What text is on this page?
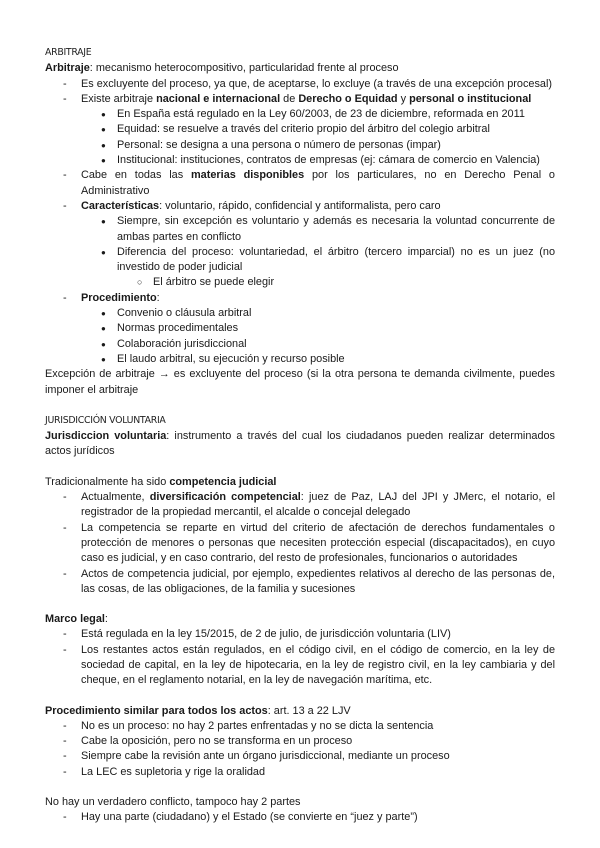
ARBITRAJE

Arbitraje: mecanismo heterocompositivo, particularidad frente al proceso

- Es excluyente del proceso, ya que, de aceptarse, lo excluye (a través de una excepción procesal)
- Existe arbitraje nacional e internacional de Derecho o Equidad y personal o institucional
● En España está regulado en la Ley 60/2003, de 23 de diciembre, reformada en 2011
● Equidad: se resuelve a través del criterio propio del árbitro del colegio arbitral
● Personal: se designa a una persona o número de personas (impar)
● Institucional: instituciones, contratos de empresas (ej: cámara de comercio en Valencia)
- Cabe en todas las materias disponibles por los particulares, no en Derecho Penal o Administrativo
- Características: voluntario, rápido, confidencial y antiformalista, pero caro
● Siempre, sin excepción es voluntario y además es necesaria la voluntad concurrente de ambas partes en conflicto
● Diferencia del proceso: voluntariedad, el árbitro (tercero imparcial) no es un juez (no investido de poder judicial
○ El árbitro se puede elegir
- Procedimiento:
● Convenio o cláusula arbitral
● Normas procedimentales
● Colaboración jurisdiccional
● El laudo arbitral, su ejecución y recurso posible

Excepción de arbitraje → es excluyente del proceso (si la otra persona te demanda civilmente, puedes imponer el arbitraje

JURISDICCIÓN VOLUNTARIA

Jurisdiccion voluntaria: instrumento a través del cual los ciudadanos pueden realizar determinados actos jurídicos

Tradicionalmente ha sido competencia judicial

- Actualmente, diversificación competencial: juez de Paz, LAJ del JPI y JMerc, el notario, el registrador de la propiedad mercantil, el alcalde o concejal delegado
- La competencia se reparte en virtud del criterio de afectación de derechos fundamentales o protección de menores o personas que necesiten protección especial (discapacitados), en cuyo caso es judicial, y en caso contrario, del resto de profesionales, funcionarios o autoridades
- Actos de competencia judicial, por ejemplo, expedientes relativos al derecho de las personas de, las cosas, de las obligaciones, de la familia y sucesiones

Marco legal:

- Está regulada en la ley 15/2015, de 2 de julio, de jurisdicción voluntaria (LIV)
- Los restantes actos están regulados, en el código civil, en el código de comercio, en la ley de sociedad de capital, en la ley de hipotecaria, en la ley de registro civil, en la ley cambiaria y del cheque, en el reglamento notarial, en la ley de navegación marítima, etc.

Procedimiento similar para todos los actos: art. 13 a 22 LJV

- No es un proceso: no hay 2 partes enfrentadas y no se dicta la sentencia
- Cabe la oposición, pero no se transforma en un proceso
- Siempre cabe la revisión ante un órgano jurisdiccional, mediante un proceso
- La LEC es supletoria y rige la oralidad

No hay un verdadero conflicto, tampoco hay 2 partes

- Hay una parte (ciudadano) y el Estado (se convierte en “juez y parte”)
